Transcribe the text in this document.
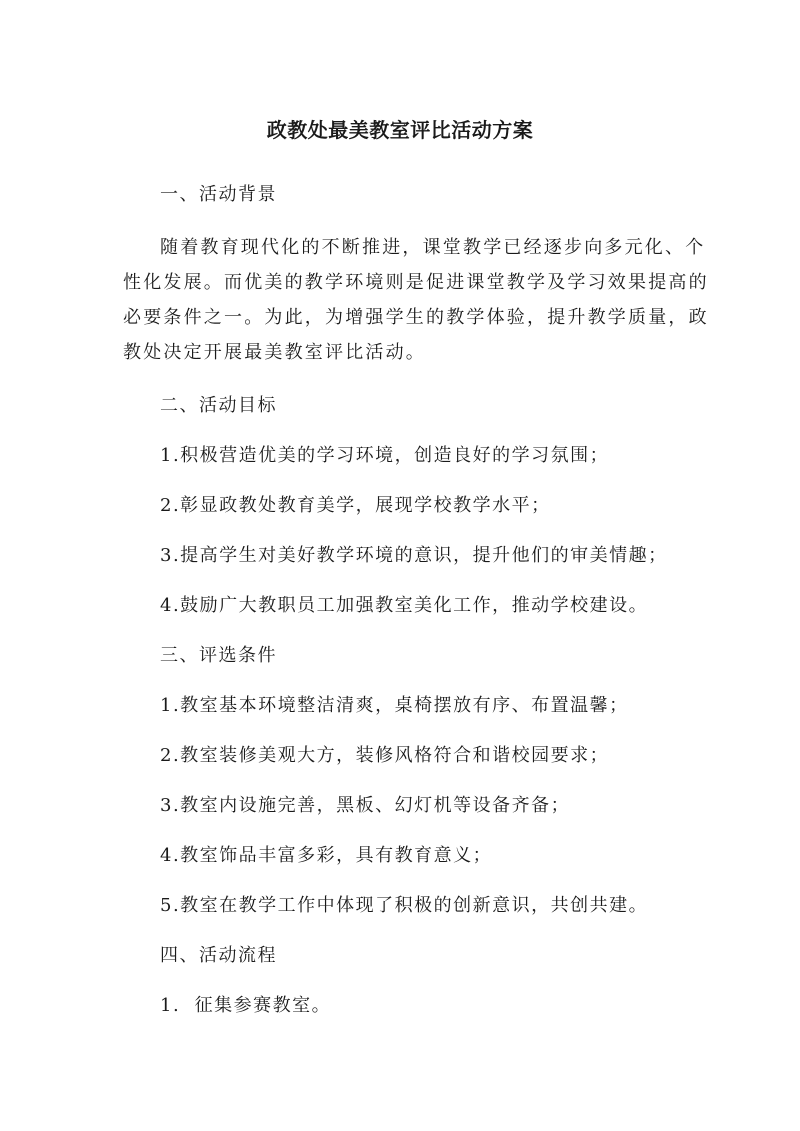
政教处最美教室评比活动方案
一、活动背景
随着教育现代化的不断推进，课堂教学已经逐步向多元化、个
性化发展。而优美的教学环境则是促进课堂教学及学习效果提高的
必要条件之一。为此，为增强学生的教学体验，提升教学质量，政
教处决定开展最美教室评比活动。
二、活动目标
1.积极营造优美的学习环境，创造良好的学习氛围；
2.彰显政教处教育美学，展现学校教学水平；
3.提高学生对美好教学环境的意识，提升他们的审美情趣；
4.鼓励广大教职员工加强教室美化工作，推动学校建设。
三、评选条件
1.教室基本环境整洁清爽，桌椅摆放有序、布置温馨；
2.教室装修美观大方，装修风格符合和谐校园要求；
3.教室内设施完善，黑板、幻灯机等设备齐备；
4.教室饰品丰富多彩，具有教育意义；
5.教室在教学工作中体现了积极的创新意识，共创共建。
四、活动流程
1.  征集参赛教室。
